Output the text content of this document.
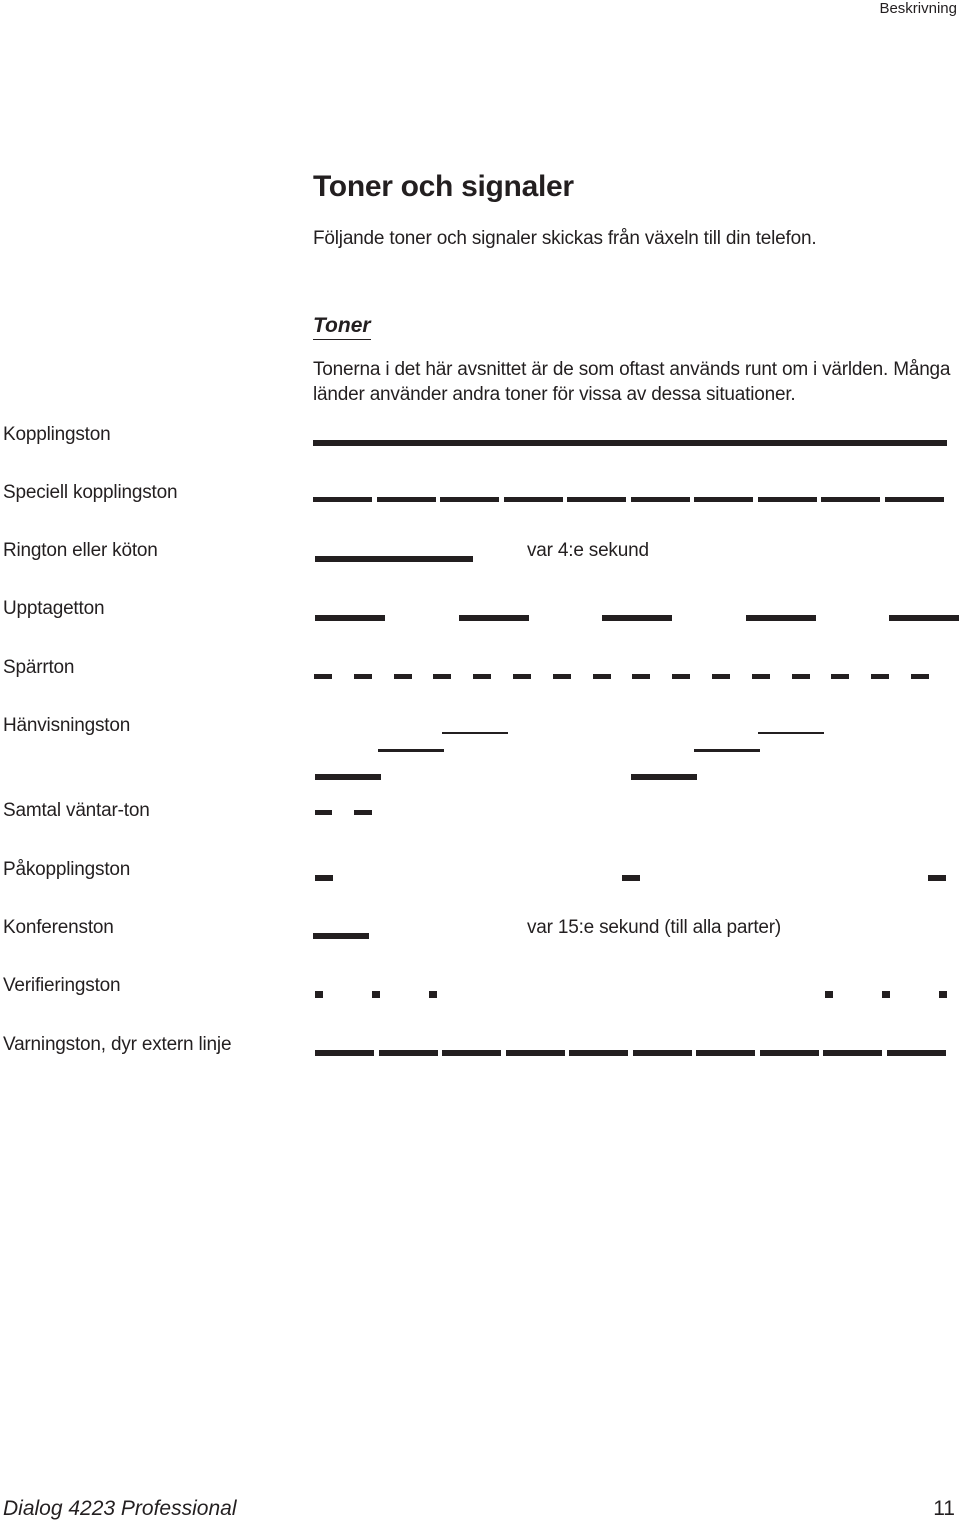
Beskrivning
Toner och signaler

Följande toner och signaler skickas från växeln till din telefon.

Toner

Tonerna i det här avsnittet är de som oftast används runt om i världen. Många länder använder andra toner för vissa av dessa situationer.

Kopplingston
Speciell kopplingston
Rington eller köton
Upptagetton
Spärrton
Hänvisningston
Samtal väntar-ton
Påkopplingston
Konferenston
Verifieringston
Varningston, dyr extern linje
var 4:e sekund
var 15:e sekund (till alla parter)
Dialog 4223 Professional	11
